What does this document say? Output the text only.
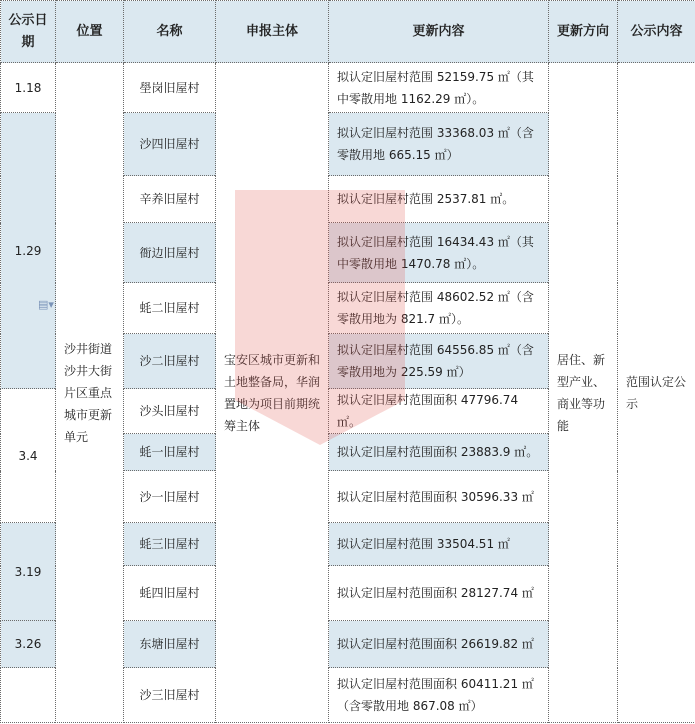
公示日期	位置	名称	申报主体	更新内容	更新方向	公示内容
1.18	沙井街道沙井大街片区重点城市更新单元	壆岗旧屋村	宝安区城市更新和土地整备局，华润置地为项目前期统筹主体	拟认定旧屋村范围 52159.75 ㎡（其中零散用地 1162.29 ㎡）。	居住、新型产业、商业等功能	范围认定公示
1.29		沙四旧屋村		拟认定旧屋村范围 33368.03 ㎡（含零散用地 665.15 ㎡）		
		辛养旧屋村		拟认定旧屋村范围 2537.81 ㎡。		
		衙边旧屋村		拟认定旧屋村范围 16434.43 ㎡（其中零散用地 1470.78 ㎡）。		
		蚝二旧屋村		拟认定旧屋村范围 48602.52 ㎡（含零散用地为 821.7 ㎡）。		
		沙二旧屋村		拟认定旧屋村范围 64556.85 ㎡（含零散用地为 225.59 ㎡）		
3.4		沙头旧屋村		拟认定旧屋村范围面积 47796.74 ㎡。		
		蚝一旧屋村		拟认定旧屋村范围面积 23883.9 ㎡。		
		沙一旧屋村		拟认定旧屋村范围面积 30596.33 ㎡		
3.19		蚝三旧屋村		拟认定旧屋村范围 33504.51 ㎡		
		蚝四旧屋村		拟认定旧屋村范围面积 28127.74 ㎡		
3.26		东塘旧屋村		拟认定旧屋村范围面积 26619.82 ㎡		
		沙三旧屋村		拟认定旧屋村范围面积 60411.21 ㎡（含零散用地 867.08 ㎡）		
▤▾
